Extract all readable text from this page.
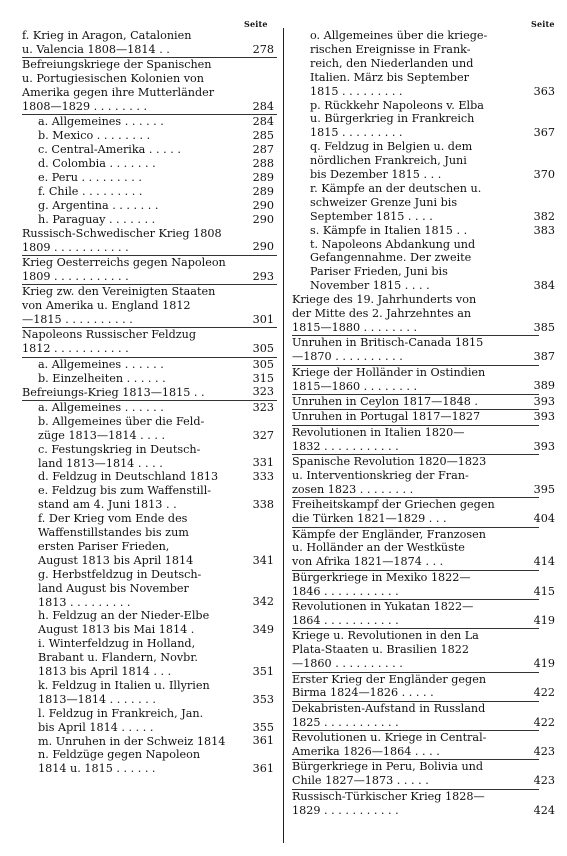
Seite
f. Krieg in Aragon, Catalonien
u. Valencia 1808—1814 . .	278
Befreiungskriege der Spanischen
u. Portugiesischen Kolonien von
Amerika gegen ihre Mutterländer
1808—1829 . . . . . . . .	284
a. Allgemeines . . . . . .	284
b. Mexico . . . . . . . .	285
c. Central-Amerika . . . . .	287
d. Colombia . . . . . . .	288
e. Peru . . . . . . . . .	289
f. Chile . . . . . . . . .	289
g. Argentina . . . . . . .	290
h. Paraguay . . . . . . .	290
Russisch-Schwedischer Krieg 1808
1809 . . . . . . . . . . .	290
Krieg Oesterreichs gegen Napoleon
1809 . . . . . . . . . . .	293
Krieg zw. den Vereinigten Staaten
von Amerika u. England 1812
—1815 . . . . . . . . . .	301
Napoleons Russischer Feldzug
1812 . . . . . . . . . . .	305
a. Allgemeines . . . . . .	305
b. Einzelheiten . . . . . .	315
Befreiungs-Krieg 1813—1815 . .	323
a. Allgemeines . . . . . .	323
b. Allgemeines über die Feld-
züge 1813—1814 . . . .	327
c. Festungskrieg in Deutsch-
land 1813—1814 . . . .	331
d. Feldzug in Deutschland 1813	333
e. Feldzug bis zum Waffenstill-
stand am 4. Juni 1813 . .	338
f. Der Krieg vom Ende des
Waffenstillstandes bis zum
ersten Pariser Frieden,
August 1813 bis April 1814	341
g. Herbstfeldzug in Deutsch-
land August bis November
1813 . . . . . . . . .	342
h. Feldzug an der Nieder-Elbe
August 1813 bis Mai 1814 .	349
i. Winterfeldzug in Holland,
Brabant u. Flandern, Novbr.
1813 bis April 1814 . . .	351
k. Feldzug in Italien u. Illyrien
1813—1814 . . . . . . .	353
l. Feldzug in Frankreich, Jan.
bis April 1814 . . . . .	355
m. Unruhen in der Schweiz 1814	361
n. Feldzüge gegen Napoleon
1814 u. 1815 . . . . . .	361
Seite
o. Allgemeines über die kriege-
rischen Ereignisse in Frank-
reich, den Niederlanden und
Italien. März bis September
1815 . . . . . . . . .	363
p. Rückkehr Napoleons v. Elba
u. Bürgerkrieg in Frankreich
1815 . . . . . . . . .	367
q. Feldzug in Belgien u. dem
nördlichen Frankreich, Juni
bis Dezember 1815 . . .	370
r. Kämpfe an der deutschen u.
schweizer Grenze Juni bis
September 1815 . . . .	382
s. Kämpfe in Italien 1815 . .	383
t. Napoleons Abdankung und
Gefangennahme. Der zweite
Pariser Frieden, Juni bis
November 1815 . . . .	384
Kriege des 19. Jahrhunderts von
der Mitte des 2. Jahrzehntes an
1815—1880 . . . . . . . .	385
Unruhen in Britisch-Canada 1815
—1870 . . . . . . . . . .	387
Kriege der Holländer in Ostindien
1815—1860 . . . . . . . .	389
Unruhen in Ceylon 1817—1848 .	393
Unruhen in Portugal 1817—1827	393
Revolutionen in Italien 1820—
1832 . . . . . . . . . . .	393
Spanische Revolution 1820—1823
u. Interventionskrieg der Fran-
zosen 1823 . . . . . . . .	395
Freiheitskampf der Griechen gegen
die Türken 1821—1829 . . .	404
Kämpfe der Engländer, Franzosen
u. Holländer an der Westküste
von Afrika 1821—1874 . . .	414
Bürgerkriege in Mexiko 1822—
1846 . . . . . . . . . . .	415
Revolutionen in Yukatan 1822—
1864 . . . . . . . . . . .	419
Kriege u. Revolutionen in den La
Plata-Staaten u. Brasilien 1822
—1860 . . . . . . . . . .	419
Erster Krieg der Engländer gegen
Birma 1824—1826 . . . . .	422
Dekabristen-Aufstand in Russland
1825 . . . . . . . . . . .	422
Revolutionen u. Kriege in Central-
Amerika 1826—1864 . . . .	423
Bürgerkriege in Peru, Bolivia und
Chile 1827—1873 . . . . .	423
Russisch-Türkischer Krieg 1828—
1829 . . . . . . . . . . .	424
